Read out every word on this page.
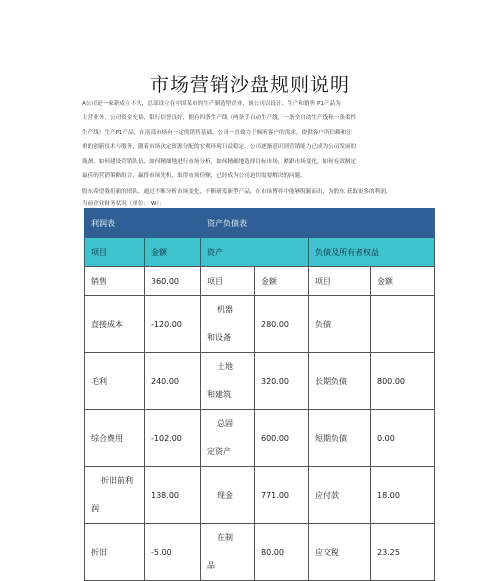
市场营销沙盘规则说明

A公司是一家新成立不久，总部设立在中国某市的生产制造型企业，该公司以设计、生产和销售 P1产品为

主营业务，公司资金充裕，银行信誉良好，拥有四条生产线（两条手自动生产线，一条全自动生产线和一条柔性

生产线）生产P1产品，在南部市场有一定的销售基础，公司一直致力于倾听客户的需求，提供客户所信赖和注

重的创新技术与服务，随着市场决定资源分配的宏观环境日益稳定，公司逐渐意识到营销能力已成为公司发展的

瓶颈，如何建设营销队伍，如何精细地进行市场分析，如何精确地选择目标市场，紧跟市场变化，如何有效制定

最佳的营销策略组合，赢得市场先机，取得市场份额，已经成为公司迫切需要解决的问题。

股东希望我们新的团队，通过不断分析市场变化，不断研发新型产品，在市场博弈中能够脱颖而出，为股东 获取更多的利润，
当前企业财务状况（单位： W）：
利润表		资产负债表			
项目	金额	资产		负债及所有者权益	
销售	360.00	项目	金额	项目	金额
直接成本	-120.00	机器
和设备	280.00	负债	
毛利	240.00	土地
和建筑	320.00	长期负债	800.00
综合费用	-102.00	总固
定资产	600.00	短期负债	0.00

折旧前利
润	138.00	现金	771.00	应付款	18.00
折旧	-5.00	在制
品	80.00	应交税	23.25
